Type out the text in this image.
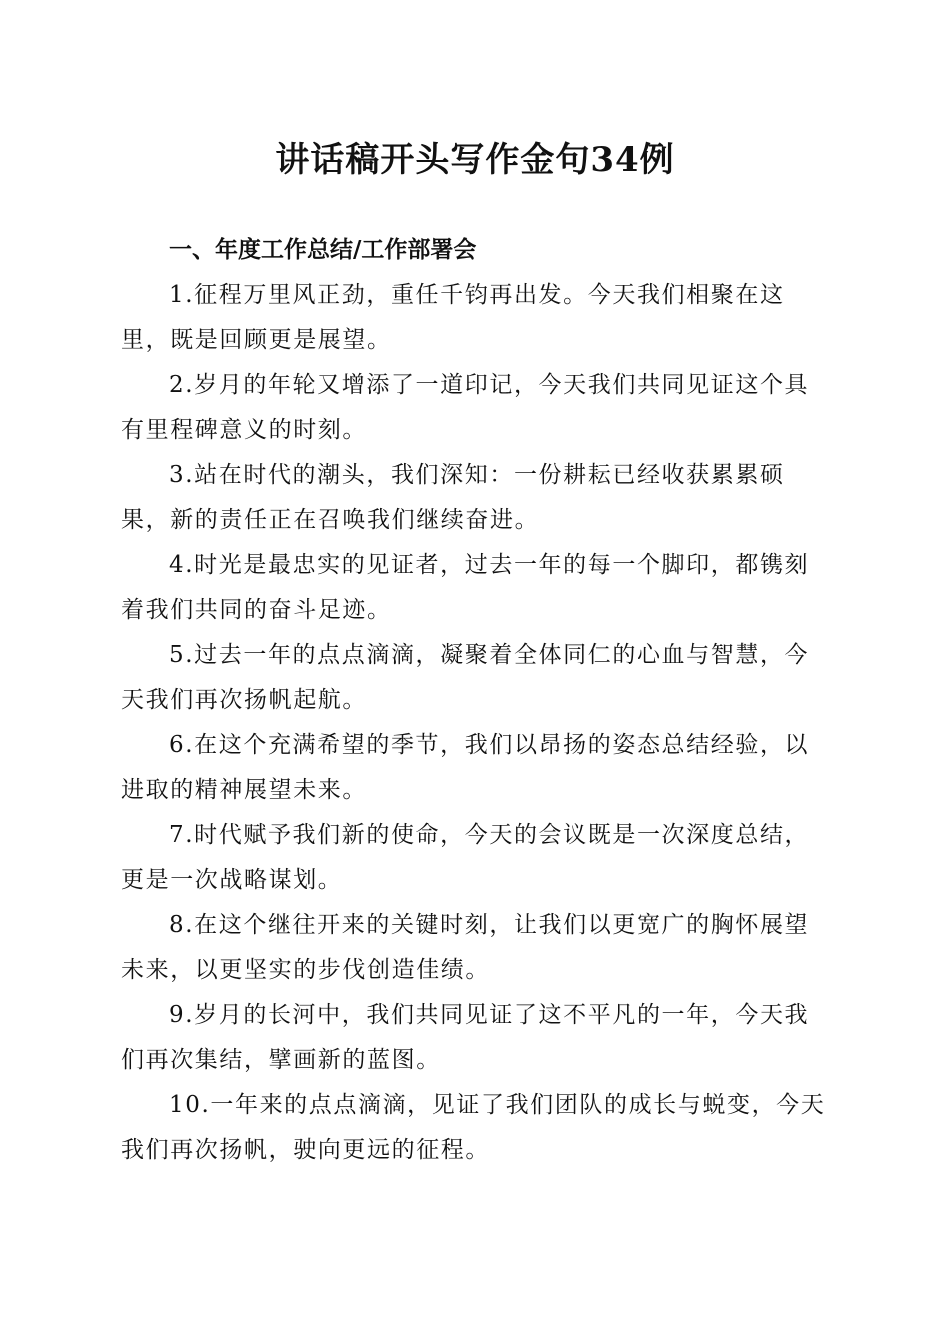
讲话稿开头写作金句34例

一、年度工作总结/工作部署会

1.征程万里风正劲，重任千钧再出发。今天我们相聚在这里，既是回顾更是展望。

2.岁月的年轮又增添了一道印记，今天我们共同见证这个具有里程碑意义的时刻。

3.站在时代的潮头，我们深知：一份耕耘已经收获累累硕果，新的责任正在召唤我们继续奋进。

4.时光是最忠实的见证者，过去一年的每一个脚印，都镌刻着我们共同的奋斗足迹。

5.过去一年的点点滴滴，凝聚着全体同仁的心血与智慧，今天我们再次扬帆起航。

6.在这个充满希望的季节，我们以昂扬的姿态总结经验，以进取的精神展望未来。

7.时代赋予我们新的使命，今天的会议既是一次深度总结，更是一次战略谋划。

8.在这个继往开来的关键时刻，让我们以更宽广的胸怀展望未来，以更坚实的步伐创造佳绩。

9.岁月的长河中，我们共同见证了这不平凡的一年，今天我们再次集结，擘画新的蓝图。

10.一年来的点点滴滴，见证了我们团队的成长与蜕变，今天我们再次扬帆，驶向更远的征程。
